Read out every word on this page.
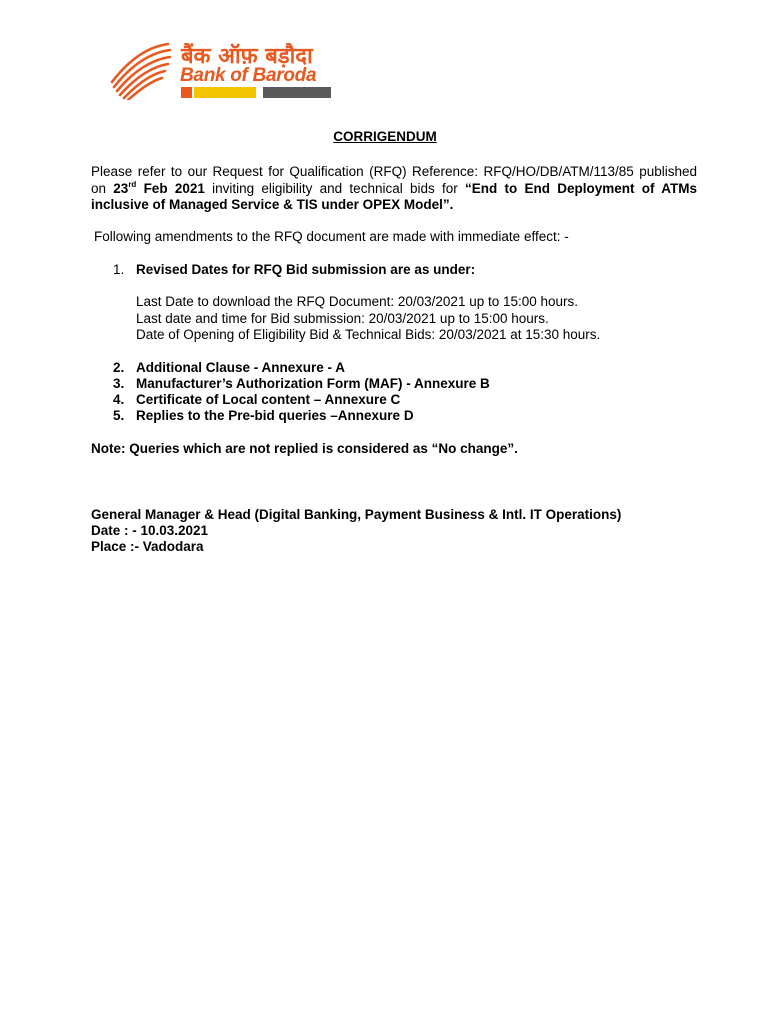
बैंक ऑफ़ बड़ौदा
Bank of Baroda
CORRIGENDUM
Please refer to our Request for Qualification (RFQ) Reference: RFQ/HO/DB/ATM/113/85 published
on 23rd Feb 2021 inviting eligibility and technical bids for “End to End Deployment of ATMs
inclusive of Managed Service & TIS under OPEX Model”.
Following amendments to the RFQ document are made with immediate effect: -
1. Revised Dates for RFQ Bid submission are as under:
Last Date to download the RFQ Document: 20/03/2021 up to 15:00 hours.
Last date and time for Bid submission: 20/03/2021 up to 15:00 hours.
Date of Opening of Eligibility Bid & Technical Bids: 20/03/2021 at 15:30 hours.
2. Additional Clause - Annexure - A
3. Manufacturer’s Authorization Form (MAF) - Annexure B
4. Certificate of Local content – Annexure C
5. Replies to the Pre-bid queries –Annexure D
Note: Queries which are not replied is considered as “No change”.
General Manager & Head (Digital Banking, Payment Business & Intl. IT Operations)
Date : - 10.03.2021
Place :- Vadodara
